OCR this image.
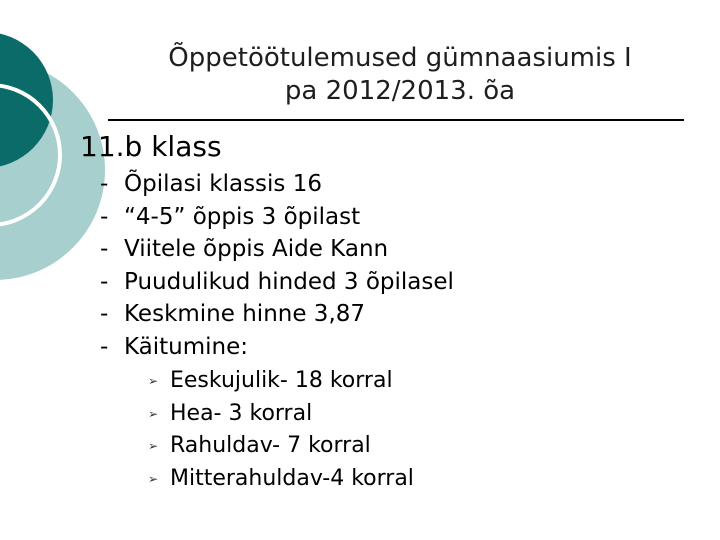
Õppetöötulemused gümnaasiumis I
pa 2012/2013. õa
11.b klass
- Õpilasi klassis 16
- “4-5” õppis 3 õpilast
- Viitele õppis Aide Kann
- Puudulikud hinded 3 õpilasel
- Keskmine hinne 3,87
- Käitumine:
➢ Eeskujulik- 18 korral
➢ Hea- 3 korral
➢ Rahuldav- 7 korral
➢ Mitterahuldav-4 korral
